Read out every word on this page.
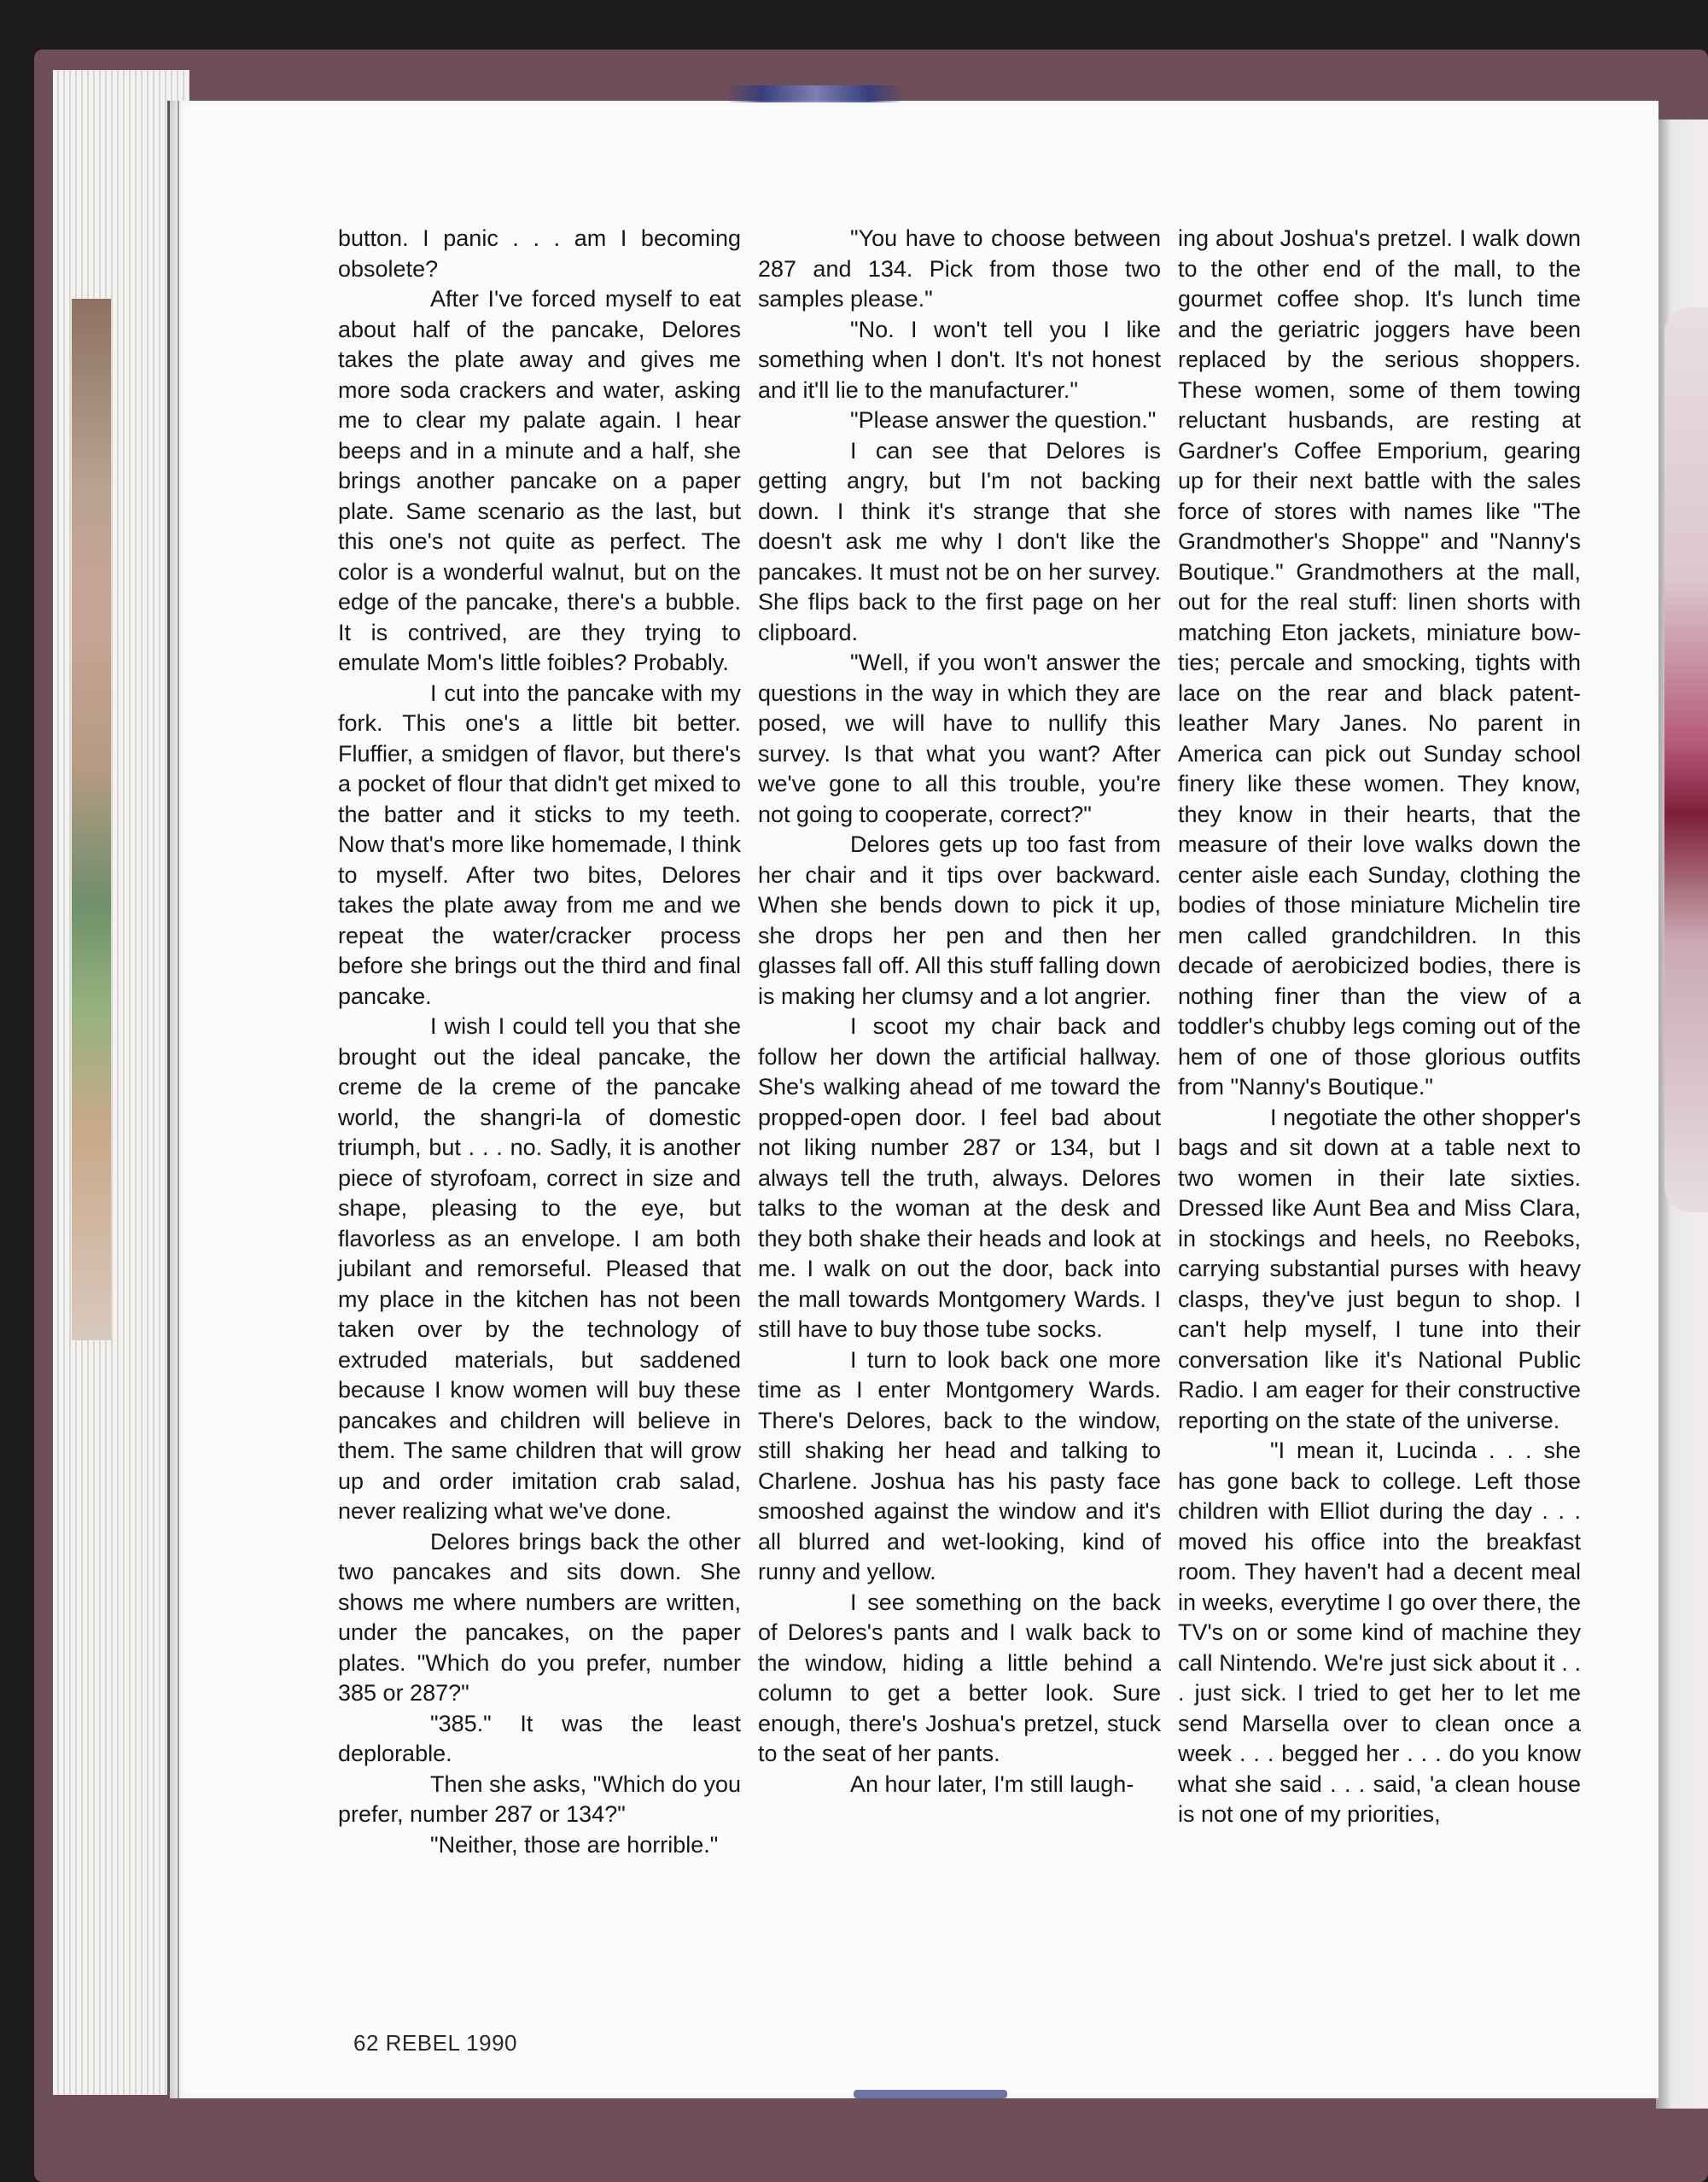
button. I panic . . . am I becoming obsolete?

After I've forced myself to eat about half of the pancake, Delores takes the plate away and gives me more soda crackers and water, asking me to clear my palate again. I hear beeps and in a minute and a half, she brings another pancake on a paper plate. Same scenario as the last, but this one's not quite as perfect. The color is a wonderful walnut, but on the edge of the pancake, there's a bubble. It is contrived, are they trying to emulate Mom's little foibles? Probably.

I cut into the pancake with my fork. This one's a little bit better. Fluffier, a smidgen of flavor, but there's a pocket of flour that didn't get mixed to the batter and it sticks to my teeth. Now that's more like homemade, I think to myself. After two bites, Delores takes the plate away from me and we repeat the water/cracker process before she brings out the third and final pancake.

I wish I could tell you that she brought out the ideal pancake, the creme de la creme of the pancake world, the shangri-la of domestic triumph, but . . . no. Sadly, it is another piece of styrofoam, correct in size and shape, pleasing to the eye, but flavorless as an envelope. I am both jubilant and remorseful. Pleased that my place in the kitchen has not been taken over by the technology of extruded materials, but saddened because I know women will buy these pancakes and children will believe in them. The same children that will grow up and order imitation crab salad, never realizing what we've done.

Delores brings back the other two pancakes and sits down. She shows me where numbers are written, under the pancakes, on the paper plates. "Which do you prefer, number 385 or 287?"

"385." It was the least deplorable.

Then she asks, "Which do you prefer, number 287 or 134?"

"Neither, those are horrible."

"You have to choose between 287 and 134. Pick from those two samples please."

"No. I won't tell you I like something when I don't. It's not honest and it'll lie to the manufacturer."

"Please answer the question."

I can see that Delores is getting angry, but I'm not backing down. I think it's strange that she doesn't ask me why I don't like the pancakes. It must not be on her survey. She flips back to the first page on her clipboard.

"Well, if you won't answer the questions in the way in which they are posed, we will have to nullify this survey. Is that what you want? After we've gone to all this trouble, you're not going to cooperate, correct?"

Delores gets up too fast from her chair and it tips over backward. When she bends down to pick it up, she drops her pen and then her glasses fall off. All this stuff falling down is making her clumsy and a lot angrier.

I scoot my chair back and follow her down the artificial hallway. She's walking ahead of me toward the propped-open door. I feel bad about not liking number 287 or 134, but I always tell the truth, always. Delores talks to the woman at the desk and they both shake their heads and look at me. I walk on out the door, back into the mall towards Montgomery Wards. I still have to buy those tube socks.

I turn to look back one more time as I enter Montgomery Wards. There's Delores, back to the window, still shaking her head and talking to Charlene. Joshua has his pasty face smooshed against the window and it's all blurred and wet-looking, kind of runny and yellow.

I see something on the back of Delores's pants and I walk back to the window, hiding a little behind a column to get a better look. Sure enough, there's Joshua's pretzel, stuck to the seat of her pants.

An hour later, I'm still laugh-

ing about Joshua's pretzel. I walk down to the other end of the mall, to the gourmet coffee shop. It's lunch time and the geriatric joggers have been replaced by the serious shoppers. These women, some of them towing reluctant husbands, are resting at Gardner's Coffee Emporium, gearing up for their next battle with the sales force of stores with names like "The Grandmother's Shoppe" and "Nanny's Boutique." Grandmothers at the mall, out for the real stuff: linen shorts with matching Eton jackets, miniature bow-ties; percale and smocking, tights with lace on the rear and black patent-leather Mary Janes. No parent in America can pick out Sunday school finery like these women. They know, they know in their hearts, that the measure of their love walks down the center aisle each Sunday, clothing the bodies of those miniature Michelin tire men called grandchildren. In this decade of aerobicized bodies, there is nothing finer than the view of a toddler's chubby legs coming out of the hem of one of those glorious outfits from "Nanny's Boutique."

I negotiate the other shopper's bags and sit down at a table next to two women in their late sixties. Dressed like Aunt Bea and Miss Clara, in stockings and heels, no Reeboks, carrying substantial purses with heavy clasps, they've just begun to shop. I can't help myself, I tune into their conversation like it's National Public Radio. I am eager for their constructive reporting on the state of the universe.

"I mean it, Lucinda . . . she has gone back to college. Left those children with Elliot during the day . . . moved his office into the breakfast room. They haven't had a decent meal in weeks, everytime I go over there, the TV's on or some kind of machine they call Nintendo. We're just sick about it . . . just sick. I tried to get her to let me send Marsella over to clean once a week . . . begged her . . . do you know what she said . . . said, 'a clean house is not one of my priorities,

62 REBEL 1990
